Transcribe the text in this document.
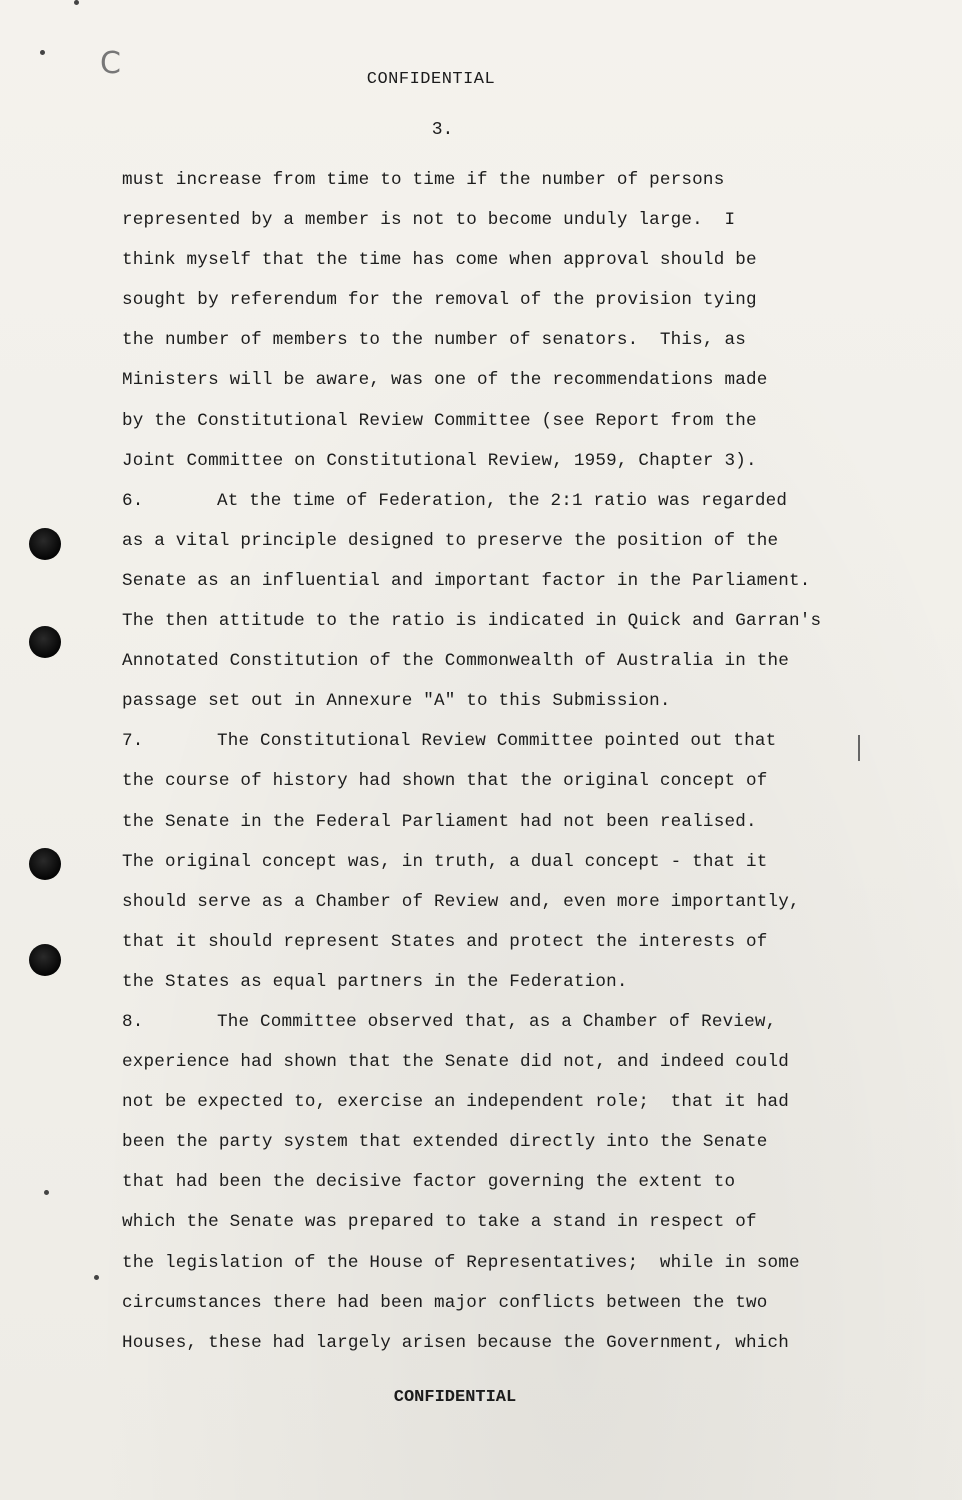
C	CONFIDENTIAL
3.
must increase from time to time if the number of persons
represented by a member is not to become unduly large.  I
think myself that the time has come when approval should be
sought by referendum for the removal of the provision tying
the number of members to the number of senators.  This, as
Ministers will be aware, was one of the recommendations made
by the Constitutional Review Committee (see Report from the
Joint Committee on Constitutional Review, 1959, Chapter 3).
6.	At the time of Federation, the 2:1 ratio was regarded
as a vital principle designed to preserve the position of the
Senate as an influential and important factor in the Parliament.
The then attitude to the ratio is indicated in Quick and Garran's
Annotated Constitution of the Commonwealth of Australia in the
passage set out in Annexure "A" to this Submission.
7.	The Constitutional Review Committee pointed out that
the course of history had shown that the original concept of
the Senate in the Federal Parliament had not been realised.
The original concept was, in truth, a dual concept - that it
should serve as a Chamber of Review and, even more importantly,
that it should represent States and protect the interests of
the States as equal partners in the Federation.
8.	The Committee observed that, as a Chamber of Review,
experience had shown that the Senate did not, and indeed could
not be expected to, exercise an independent role;  that it had
been the party system that extended directly into the Senate
that had been the decisive factor governing the extent to
which the Senate was prepared to take a stand in respect of
the legislation of the House of Representatives;  while in some
circumstances there had been major conflicts between the two
Houses, these had largely arisen because the Government, which
CONFIDENTIAL
